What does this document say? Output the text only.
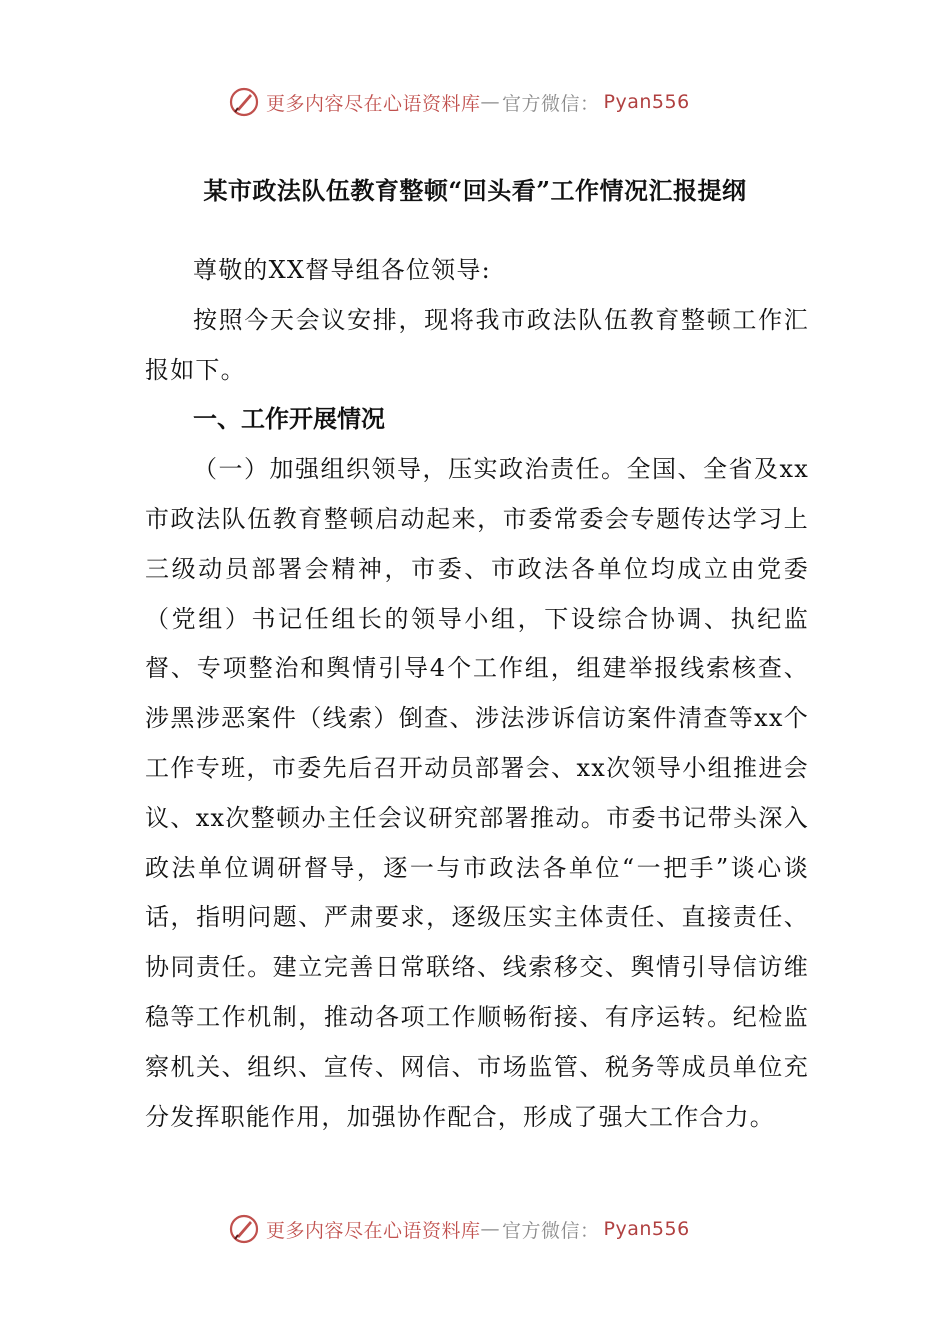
更多内容尽在心语资料库 — 官方微信： Pyan556
某市政法队伍教育整顿“回头看”工作情况汇报提纲

尊敬的XX督导组各位领导:

按照今天会议安排，现将我市政法队伍教育整顿工作汇报如下。

一、工作开展情况

（一）加强组织领导，压实政治责任。全国、全省及xx市政法队伍教育整顿启动起来，市委常委会专题传达学习上三级动员部署会精神，市委、市政法各单位均成立由党委（党组）书记任组长的领导小组，下设综合协调、执纪监督、专项整治和舆情引导4个工作组，组建举报线索核查、涉黑涉恶案件（线索）倒查、涉法涉诉信访案件清查等xx个工作专班，市委先后召开动员部署会、xx次领导小组推进会议、xx次整顿办主任会议研究部署推动。市委书记带头深入政法单位调研督导，逐一与市政法各单位“一把手”谈心谈话，指明问题、严肃要求，逐级压实主体责任、直接责任、协同责任。建立完善日常联络、线索移交、舆情引导信访维稳等工作机制，推动各项工作顺畅衔接、有序运转。纪检监察机关、组织、宣传、网信、市场监管、税务等成员单位充分发挥职能作用，加强协作配合，形成了强大工作合力。

更多内容尽在心语资料库 — 官方微信： Pyan556
